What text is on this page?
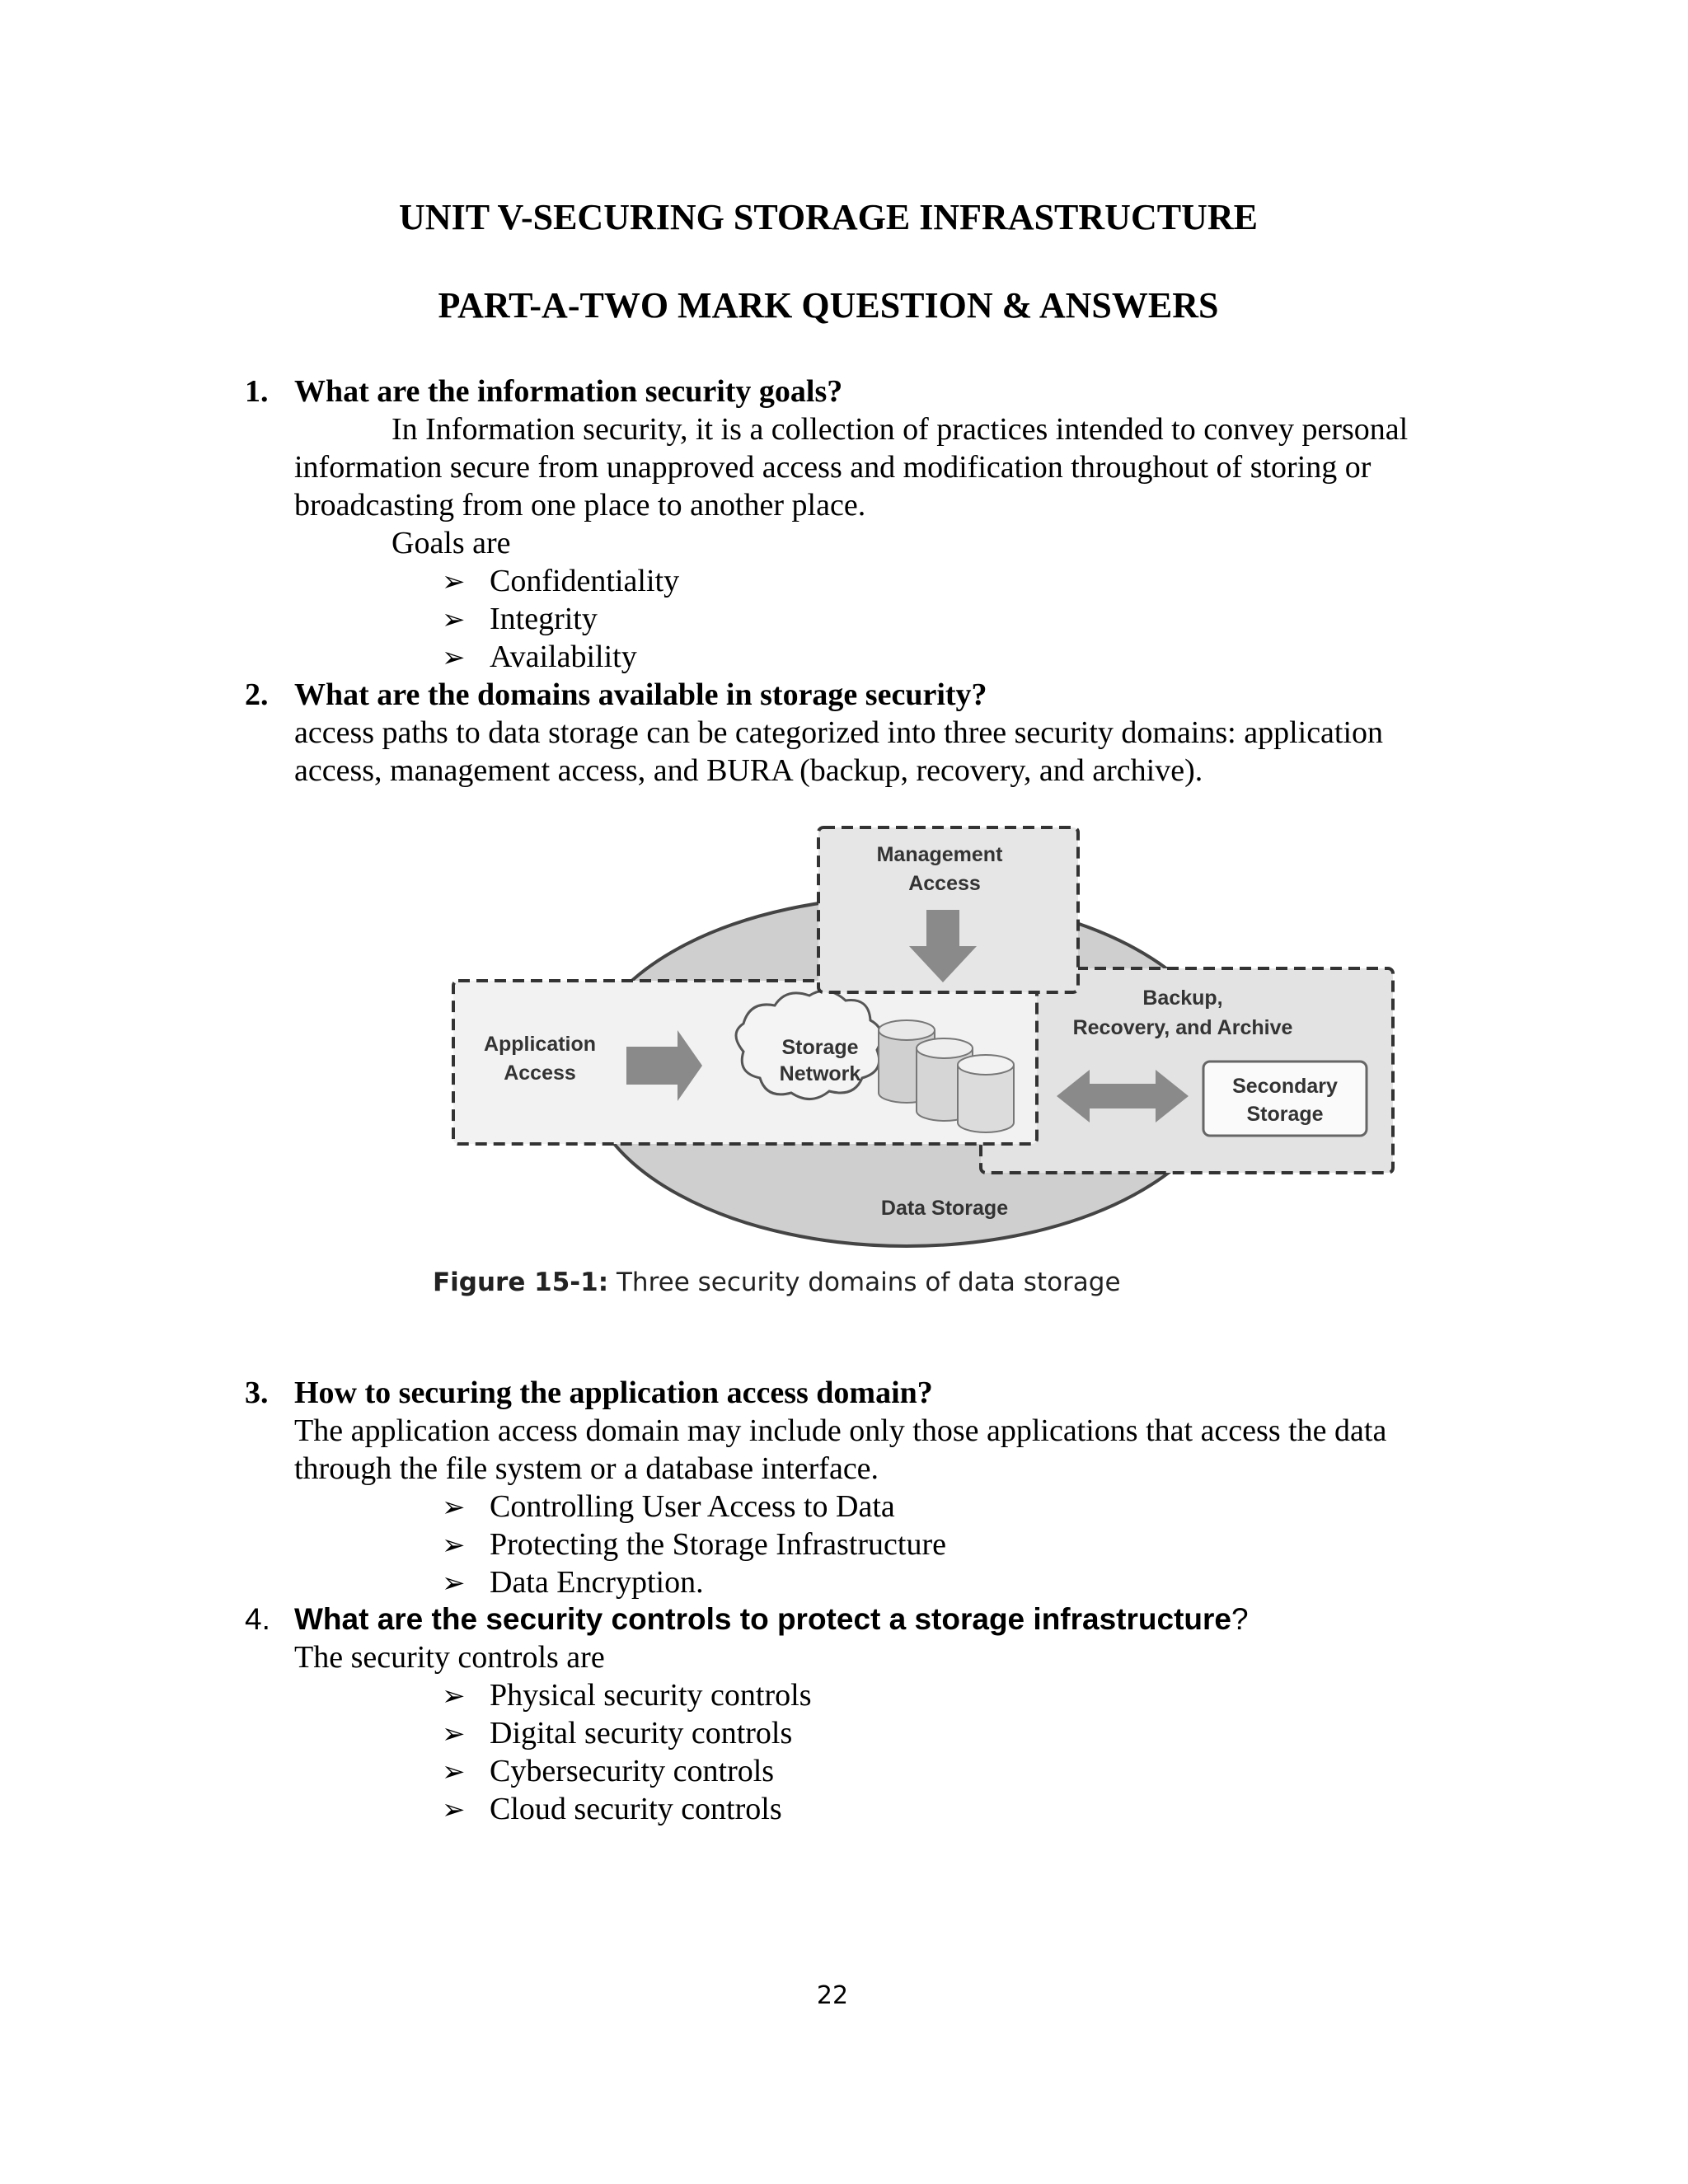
UNIT V-SECURING STORAGE INFRASTRUCTURE
PART-A-TWO MARK QUESTION & ANSWERS
1. What are the information security goals?
In Information security, it is a collection of practices intended to convey personal information secure from unapproved access and modification throughout of storing or broadcasting from one place to another place.
Goals are
➢ Confidentiality
➢ Integrity
➢ Availability
2. What are the domains available in storage security?
access paths to data storage can be categorized into three security domains: application access, management access, and BURA (backup, recovery, and archive).
Backup,
Recovery, and Archive
Secondary
Storage
Application
Access
Storage
Network
Management
Access
Data Storage
Figure 15-1: Three security domains of data storage
3. How to securing the application access domain?
The application access domain may include only those applications that access the data through the file system or a database interface.
➢ Controlling User Access to Data
➢ Protecting the Storage Infrastructure
➢ Data Encryption.
4. What are the security controls to protect a storage infrastructure?
The security controls are
➢ Physical security controls
➢ Digital security controls
➢ Cybersecurity controls
➢ Cloud security controls
22
